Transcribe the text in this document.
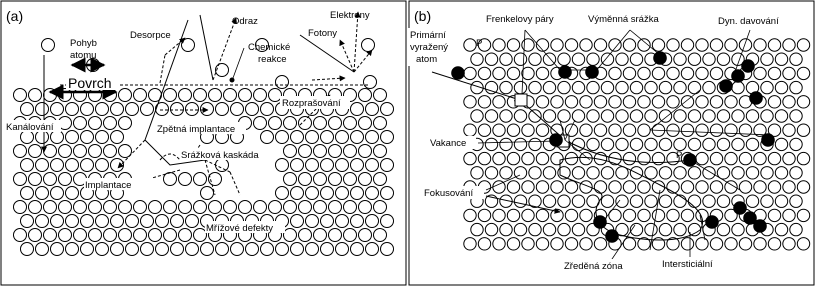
(a)
Pohyb
atomu
Desorpce
Odraz
Chemické
reakce
Elektrony
Fotony
Povrch
Rozprašování
Kanálování	Zpětná implantace
Srážková kaskáda
Implantace
Mřížové defekty
(b)
Primární
vyražený
atom
P
Frenkelovy páry	Výměnná srážka	Dyn. davování
Vakance
P
Fokusování
Zředěná zóna	Intersticiální
